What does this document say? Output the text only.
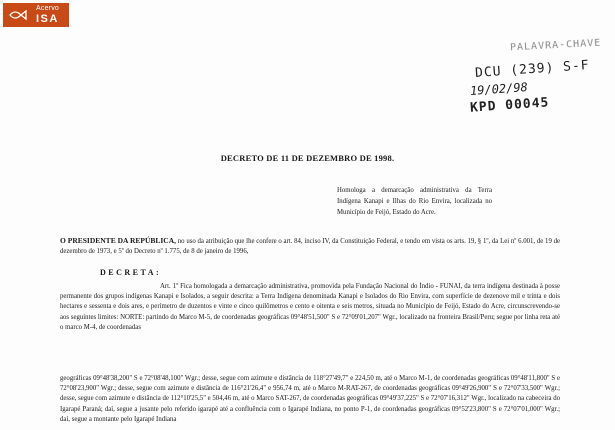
Acervo
ISA
PALAVRA-CHAVE
DCU (239) S-F
19/02/98
KPD 00045
DECRETO DE 11 DE DEZEMBRO DE 1998.
Homologa a demarcação administrativa da Terra Indígena Kanapi e Ilhas do Rio Envira, localizada no Município de Feijó, Estado do Acre.
O PRESIDENTE DA REPÚBLICA, no uso da atribuição que lhe confere o art. 84, inciso IV, da Constituição Federal, e tendo em vista os arts. 19, § 1º, da Lei nº 6.001, de 19 de dezembro de 1973, e 5º do Decreto nº 1.775, de 8 de janeiro de 1996,
DECRETA:
Art. 1º Fica homologada a demarcação administrativa, promovida pela Fundação Nacional do Índio - FUNAI, da terra indígena destinada à posse permanente dos grupos indígenas Kanapi e Isolados, a seguir descrita: a Terra Indígena denominada Kanapi e Isolados do Rio Envira, com superfície de dezenove mil e trinta e dois hectares e sessenta e dois ares, e perímetro de duzentos e vinte e cinco quilômetros e cento e oitenta e seis metros, situada no Município de Feijó, Estado do Acre, circunscrevendo-se aos seguintes limites: NORTE: partindo do Marco M-5, de coordenadas geográficas 09°48'51,500" S e 72°09'01,207" Wgr., localizado na fronteira Brasil/Peru; segue por linha reta até o marco M-4, de coordenadas
geográficas 09°48'38,200" S e 72°08'48,100" Wgr.; desse, segue com azimute e distância de 118°27'49,7" e 224,50 m, até o Marco M-1, de coordenadas geográficas 09°48'11,800" S e 72°08'23,900" Wgr.; desse, segue com azimute e distância de 116°21'26,4" e 956,74 m, até o Marco M-RAT-267, de coordenadas geográficas 09°49'26,900" S e 72°07'33,500" Wgr.; desse, segue com azimute e distância de 112°10'25,5" e 504,46 m, até o Marco SAT-267, de coordenadas geográficas 09°49'37,225" S e 72°07'16,312" Wgr., localizado na cabeceira do Igarapé Paraná; daí, segue a jusante pelo referido igarapé até a confluência com o Igarapé Indiana, no ponto P-1, de coordenadas geográficas 09°52'23,800" S e 72°07'01,000" Wgr.; daí, segue a montante pelo Igarapé Indiana
